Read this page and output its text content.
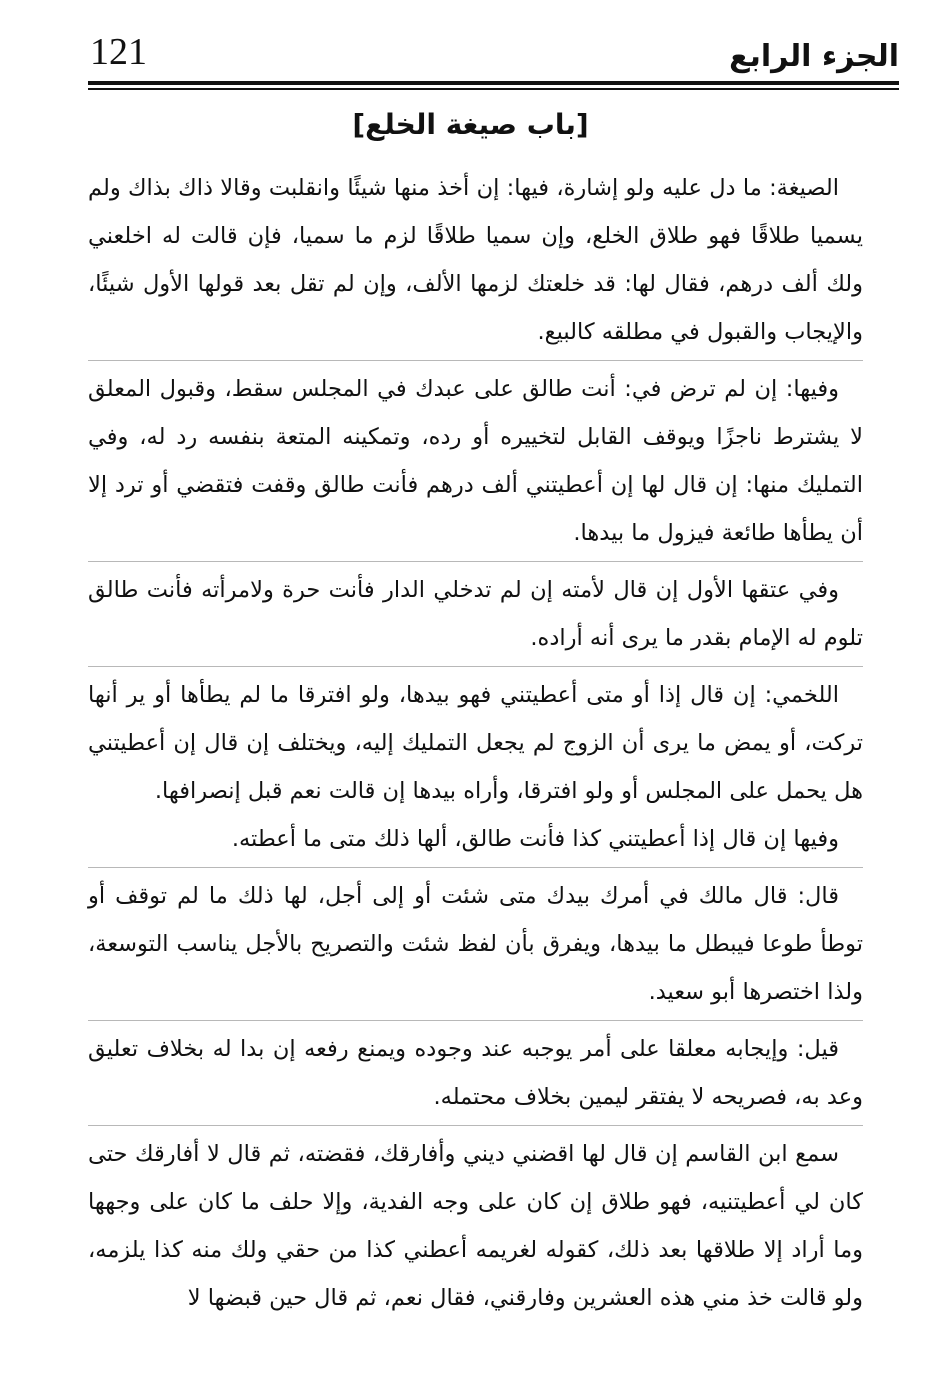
121	الجزء الرابع
[باب صيغة الخلع]

الصيغة: ما دل عليه ولو إشارة، فيها: إن أخذ منها شيئًا وانقلبت وقالا ذاك بذاك ولم يسميا طلاقًا فهو طلاق الخلع، وإن سميا طلاقًا لزم ما سميا، فإن قالت له اخلعني ولك ألف درهم، فقال لها: قد خلعتك لزمها الألف، وإن لم تقل بعد قولها الأول شيئًا، والإيجاب والقبول في مطلقه كالبيع.

وفيها: إن لم ترض في: أنت طالق على عبدك في المجلس سقط، وقبول المعلق لا يشترط ناجزًا ويوقف القابل لتخييره أو رده، وتمكينه المتعة بنفسه رد له، وفي التمليك منها: إن قال لها إن أعطيتني ألف درهم فأنت طالق وقفت فتقضي أو ترد إلا أن يطأها طائعة فيزول ما بيدها.

وفي عتقها الأول إن قال لأمته إن لم تدخلي الدار فأنت حرة ولامرأته فأنت طالق تلوم له الإمام بقدر ما يرى أنه أراده.

اللخمي: إن قال إذا أو متى أعطيتني فهو بيدها، ولو افترقا ما لم يطأها أو ير أنها تركت، أو يمض ما يرى أن الزوج لم يجعل التمليك إليه، ويختلف إن قال إن أعطيتني هل يحمل على المجلس أو ولو افترقا، وأراه بيدها إن قالت نعم قبل إنصرافها.

وفيها إن قال إذا أعطيتني كذا فأنت طالق، ألها ذلك متى ما أعطته.

قال: قال مالك في أمرك بيدك متى شئت أو إلى أجل، لها ذلك ما لم توقف أو توطأ طوعا فيبطل ما بيدها، ويفرق بأن لفظ شئت والتصريح بالأجل يناسب التوسعة، ولذا اختصرها أبو سعيد.

قيل: وإيجابه معلقا على أمر يوجبه عند وجوده ويمنع رفعه إن بدا له بخلاف تعليق وعد به، فصريحه لا يفتقر ليمين بخلاف محتمله.

سمع ابن القاسم إن قال لها اقضني ديني وأفارقك، فقضته، ثم قال لا أفارقك حتى كان لي أعطيتنيه، فهو طلاق إن كان على وجه الفدية، وإلا حلف ما كان على وجهها وما أراد إلا طلاقها بعد ذلك، كقوله لغريمه أعطني كذا من حقي ولك منه كذا يلزمه، ولو قالت خذ مني هذه العشرين وفارقني، فقال نعم، ثم قال حين قبضها لا
